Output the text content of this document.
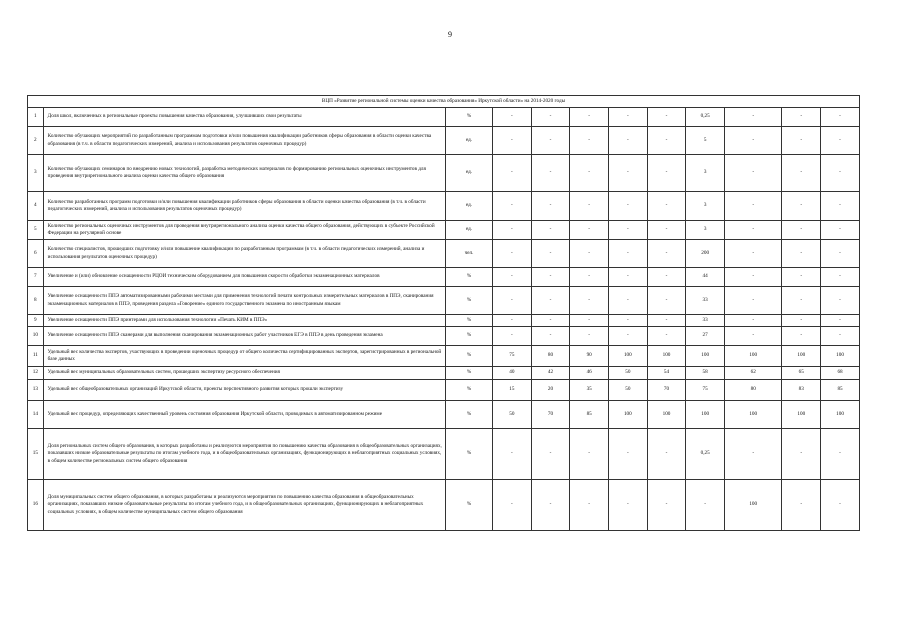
9
ВЦП «Развитие региональной системы оценки качества образования» Иркутской области» на 2014-2020 годы											
1	Доля школ, включенных в региональные проекты повышения качества образования, улучшивших свои результаты	%	-	-	-	-	-	0,25	-	-	-
2	Количество обучающих мероприятий по разработанным программам подготовки и/или повышения квалификации работников сферы образования в области оценки качества образования (в т.ч. в области педагогических измерений, анализа и использования результатов оценочных процедур)	ед.	-	-	-	-	-	5	-	-	-
3	Количество обучающих семинаров по внедрению новых технологий, разработка методических материалов по формированию региональных оценочных инструментов для проведения внутрирегионального анализа оценки качества общего образования	ед.	-	-	-	-	-	3	-	-	-
4	Количество разработанных программ подготовки и/или повышения квалификации работников сферы образования в области оценки качества образования (в т.ч. в области педагогических измерений, анализа и использования результатов оценочных процедур)	ед.	-	-	-	-	-	3	-	-	-
5	Количество региональных оценочных инструментов для проведения внутрирегионального анализа оценки качества общего образования, действующих в субъекте Российской Федерации на регулярной основе	ед.	-	-	-	-	-	3	-	-	-
6	Количество специалистов, прошедших подготовку и/или повышение квалификации по разработанным программам (в т.ч. в области педагогических измерений, анализа и использования результатов оценочных процедур)	чел.	-	-	-	-	-	200	-	-	-
7	Увеличение и (или) обновление оснащенности РЦОИ техническим оборудованием для повышения скорости обработки экзаменационных материалов	%	-	-	-	-	-	44	-	-	-
8	Увеличение оснащенности ППЭ автоматизированными рабочими местами для применения технологий печати контрольных измерительных материалов в ППЭ, сканирования экзаменационных материалов в ППЭ, проведения раздела «Говорение» единого государственного экзамена по иностранным языкам	%	-	-	-	-	-	33	-	-	-
9	Увеличение оснащенности ППЭ принтерами для использования технологии «Печать КИМ в ППЭ»	%	-	-	-	-	-	33	-	-	-
10	Увеличение оснащенности ППЭ сканерами для выполнения сканирования экзаменационных работ участников ЕГЭ в ППЭ в день проведения экзамена	%	-	-	-	-	-	27	-	-	-
11	Удельный вес количества экспертов, участвующих в проведении оценочных процедур от общего количества сертифицированных экспертов, зарегистрированных в региональной базе данных	%	75	80	90	100	100	100	100	100	100
12	Удельный вес муниципальных образовательных систем, прошедших экспертизу ресурсного обеспечения	%	40	42	46	50	54	58	62	65	68
13	Удельный вес общеобразовательных организаций Иркутской области, проекты перспективного развития которых прошли экспертизу	%	15	20	35	50	70	75	80	83	85
14	Удельный вес процедур, определяющих качественный уровень состояния образования Иркутской области, проводимых в автоматизированном режиме	%	50	70	85	100	100	100	100	100	100
15	Доля региональных систем общего образования, в которых разработаны и реализуются мероприятия по повышению качества образования в общеобразовательных организациях, показавших низкие образовательные результаты по итогам учебного года, и в общеобразовательных организациях, функционирующих в неблагоприятных социальных условиях, в общем количестве региональных систем общего образования	%	-	-	-	-	-	0,25	-	-	-
16	Доля муниципальных систем общего образования, в которых разработаны и реализуются мероприятия по повышению качества образования в общеобразовательных организациях, показавших низкие образовательные результаты по итогам учебного года, и в общеобразовательных организациях, функционирующих в неблагоприятных социальных условиях, в общем количестве муниципальных систем общего образования	%	-	-	-	-	-	-	100	-	-
